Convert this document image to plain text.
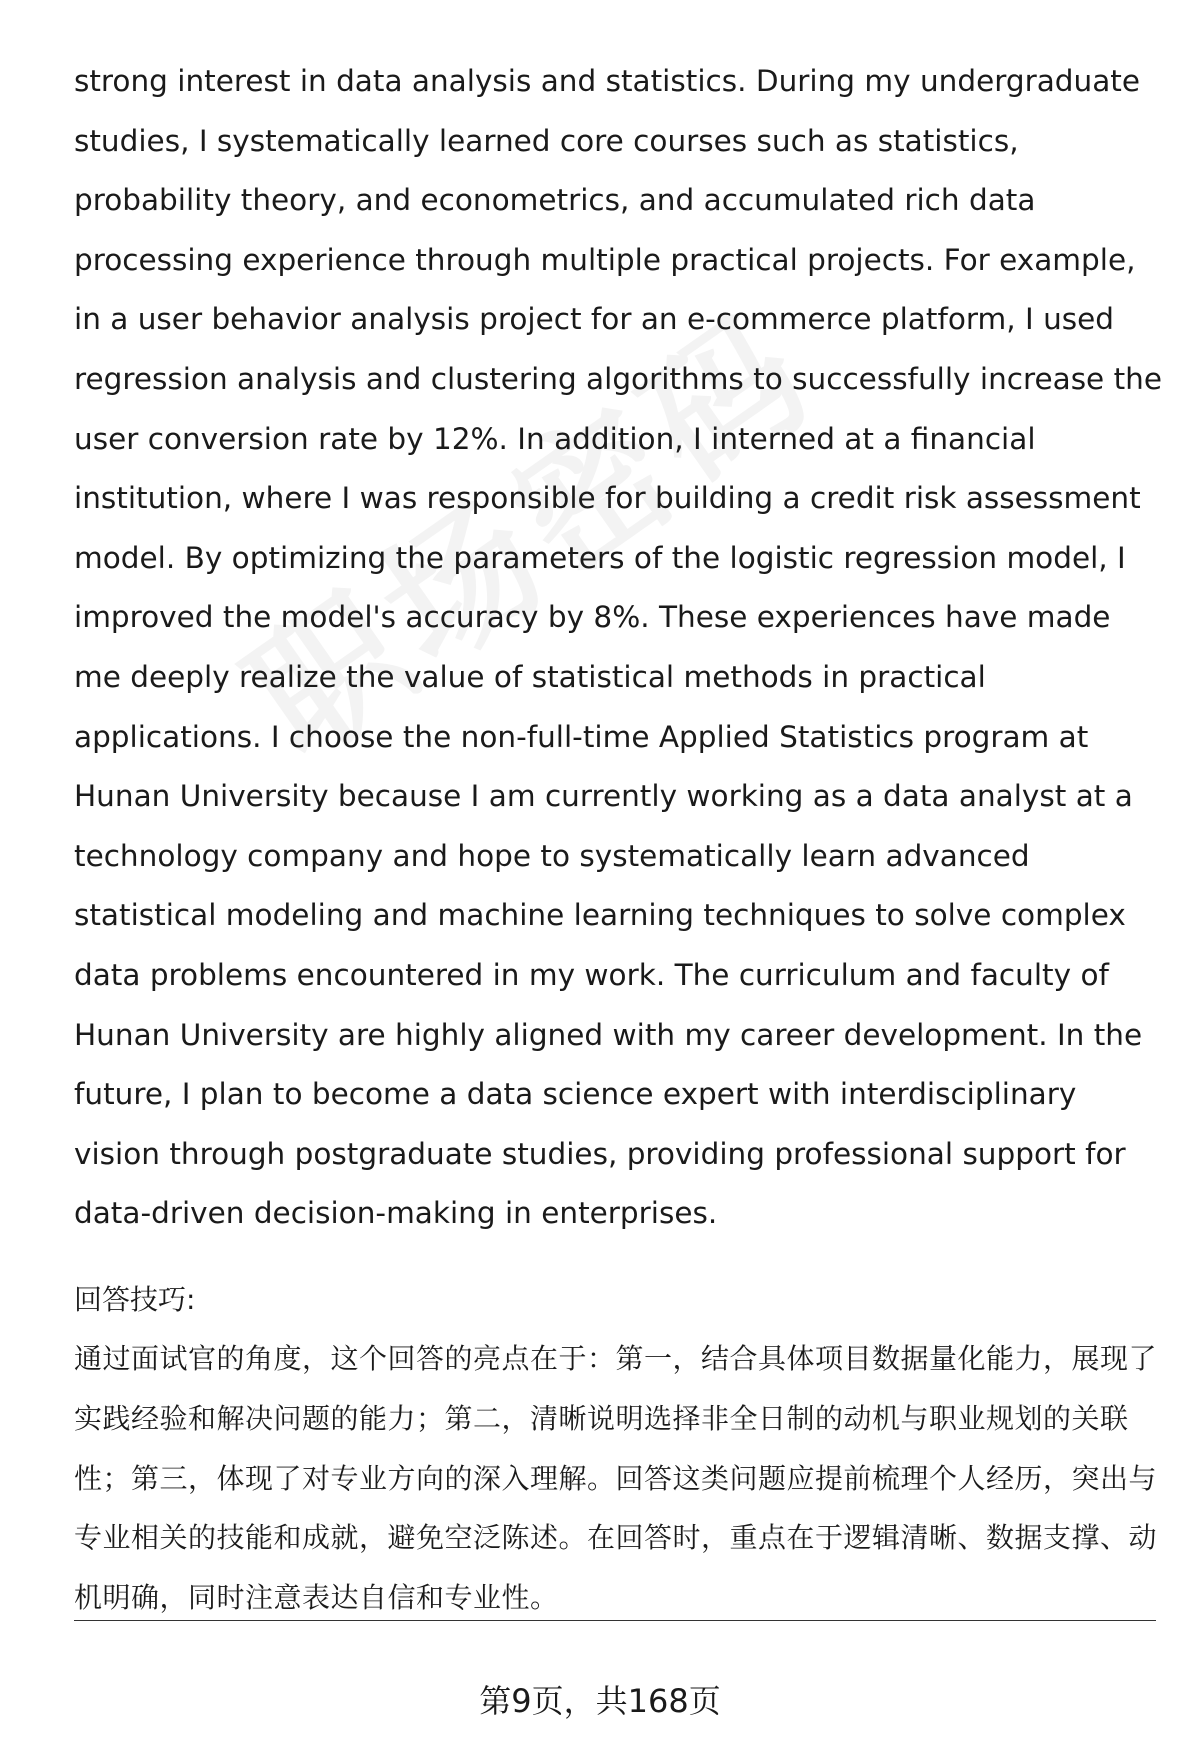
strong interest in data analysis and statistics. During my undergraduate studies, I systematically learned core courses such as statistics, probability theory, and econometrics, and accumulated rich data processing experience through multiple practical projects. For example, in a user behavior analysis project for an e-commerce platform, I used regression analysis and clustering algorithms to successfully increase the user conversion rate by 12%. In addition, I interned at a financial institution, where I was responsible for building a credit risk assessment model. By optimizing the parameters of the logistic regression model, I improved the model's accuracy by 8%. These experiences have made me deeply realize the value of statistical methods in practical applications. I choose the non-full-time Applied Statistics program at Hunan University because I am currently working as a data analyst at a technology company and hope to systematically learn advanced statistical modeling and machine learning techniques to solve complex data problems encountered in my work. The curriculum and faculty of Hunan University are highly aligned with my career development. In the future, I plan to become a data science expert with interdisciplinary vision through postgraduate studies, providing professional support for data-driven decision-making in enterprises.

回答技巧:

通过面试官的角度，这个回答的亮点在于：第一，结合具体项目数据量化能力，展现了实践经验和解决问题的能力；第二，清晰说明选择非全日制的动机与职业规划的关联性；第三，体现了对专业方向的深入理解。回答这类问题应提前梳理个人经历，突出与专业相关的技能和成就，避免空泛陈述。在回答时，重点在于逻辑清晰、数据支撑、动机明确，同时注意表达自信和专业性。

第9页，共168页
